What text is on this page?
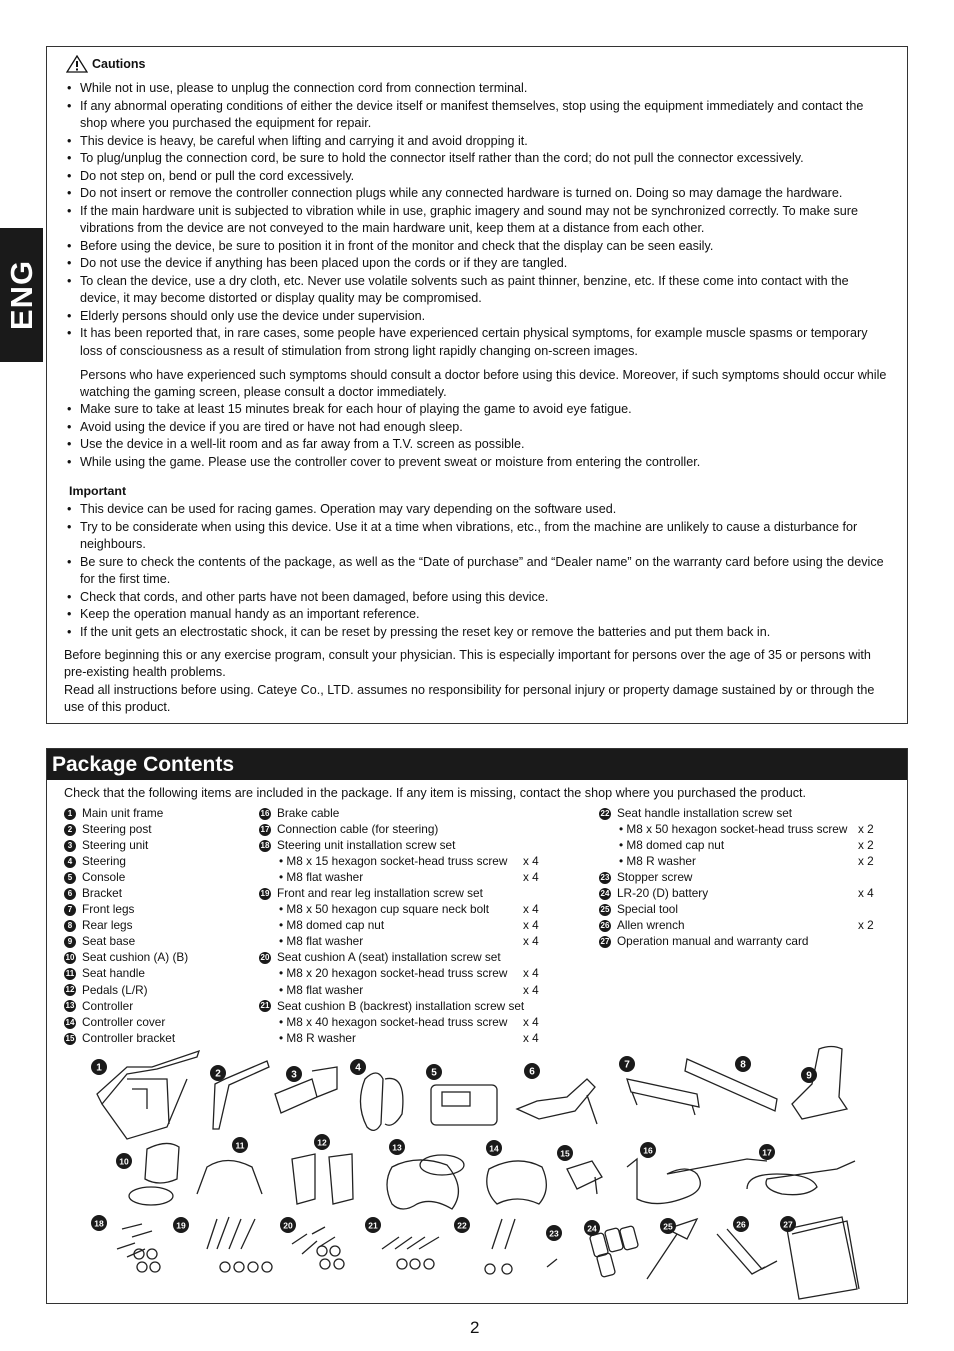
ENG
Cautions
• While not in use, please to unplug the connection cord from connection terminal.
• If any abnormal operating conditions of either the device itself or manifest themselves, stop using the equipment immediately and contact the shop where you purchased the equipment for repair.
• This device is heavy, be careful when lifting and carrying it and avoid dropping it.
• To plug/unplug the connection cord, be sure to hold the connector itself rather than the cord; do not pull the connector excessively.
• Do not step on, bend or pull the cord excessively.
• Do not insert or remove the controller connection plugs while any connected hardware is turned on. Doing so may damage the hardware.
• If the main hardware unit is subjected to vibration while in use, graphic imagery and sound may not be synchronized correctly. To make sure vibrations from the device are not conveyed to the main hardware unit, keep them at a distance from each other.
• Before using the device, be sure to position it in front of the monitor and check that the display can be seen easily.
• Do not use the device if anything has been placed upon the cords or if they are tangled.
• To clean the device, use a dry cloth, etc. Never use volatile solvents such as paint thinner, benzine, etc. If these come into contact with the device, it may become distorted or display quality may be compromised.
• Elderly persons should only use the device under supervision.
• It has been reported that, in rare cases, some people have experienced certain physical symptoms, for example muscle spasms or temporary loss of consciousness as a result of stimulation from strong light rapidly changing on-screen images.
Persons who have experienced such symptoms should consult a doctor before using this device. Moreover, if such symptoms should occur while watching the gaming screen, please consult a doctor immediately.
• Make sure to take at least 15 minutes break for each hour of playing the game to avoid eye fatigue.
• Avoid using the device if you are tired or have not had enough sleep.
• Use the device in a well-lit room and as far away from a T.V. screen as possible.
• While using the game. Please use the controller cover to prevent sweat or moisture from entering the controller.
Important
• This device can be used for racing games. Operation may vary depending on the software used.
• Try to be considerate when using this device. Use it at a time when vibrations, etc., from the machine are unlikely to cause a disturbance for neighbours.
• Be sure to check the contents of the package, as well as the “Date of purchase” and “Dealer name” on the warranty card before using the device for the first time.
• Check that cords, and other parts have not been damaged, before using this device.
• Keep the operation manual handy as an important reference.
• If the unit gets an electrostatic shock, it can be reset by pressing the reset key or remove the batteries and put them back in.
Before beginning this or any exercise program, consult your physician. This is especially important for persons over the age of 35 or persons with pre-existing health problems.
Read all instructions before using. Cateye Co., LTD. assumes no responsibility for personal injury or property damage sustained by or through the use of this product.
Package Contents
Check that the following items are included in the package. If any item is missing, contact the shop where you purchased the product.
1 Main unit frame
2 Steering post
3 Steering unit
4 Steering
5 Console
6 Bracket
7 Front legs
8 Rear legs
9 Seat base
10 Seat cushion (A) (B)
11 Seat handle
12 Pedals (L/R)
13 Controller
14 Controller cover
15 Controller bracket
16 Brake cable
17 Connection cable (for steering)
18 Steering unit installation screw set
• M8 x 15 hexagon socket-head truss screw x 4
• M8 flat washer	x 4
19 Front and rear leg installation screw set
• M8 x 50 hexagon cup square neck bolt	x 4
• M8 domed cap nut	x 4
• M8 flat washer	x 4
20 Seat cushion A (seat) installation screw set
• M8 x 20 hexagon socket-head truss screw x 4
• M8 flat washer	x 4
21 Seat cushion B (backrest) installation screw set
• M8 x 40 hexagon socket-head truss screw x 4
• M8 R washer	x 4
22 Seat handle installation screw set
• M8 x 50 hexagon socket-head truss screw x 2
• M8 domed cap nut	x 2
• M8 R washer	x 2
23 Stopper screw
24 LR-20 (D) battery	x 4
25 Special tool
26 Allen wrench	x 2
27 Operation manual and warranty card
1
2	3
4	5	6
7	8
9
10
11	12	13	14	15	16	17
18	19	20	21	22
23	24	25	26	27
2
